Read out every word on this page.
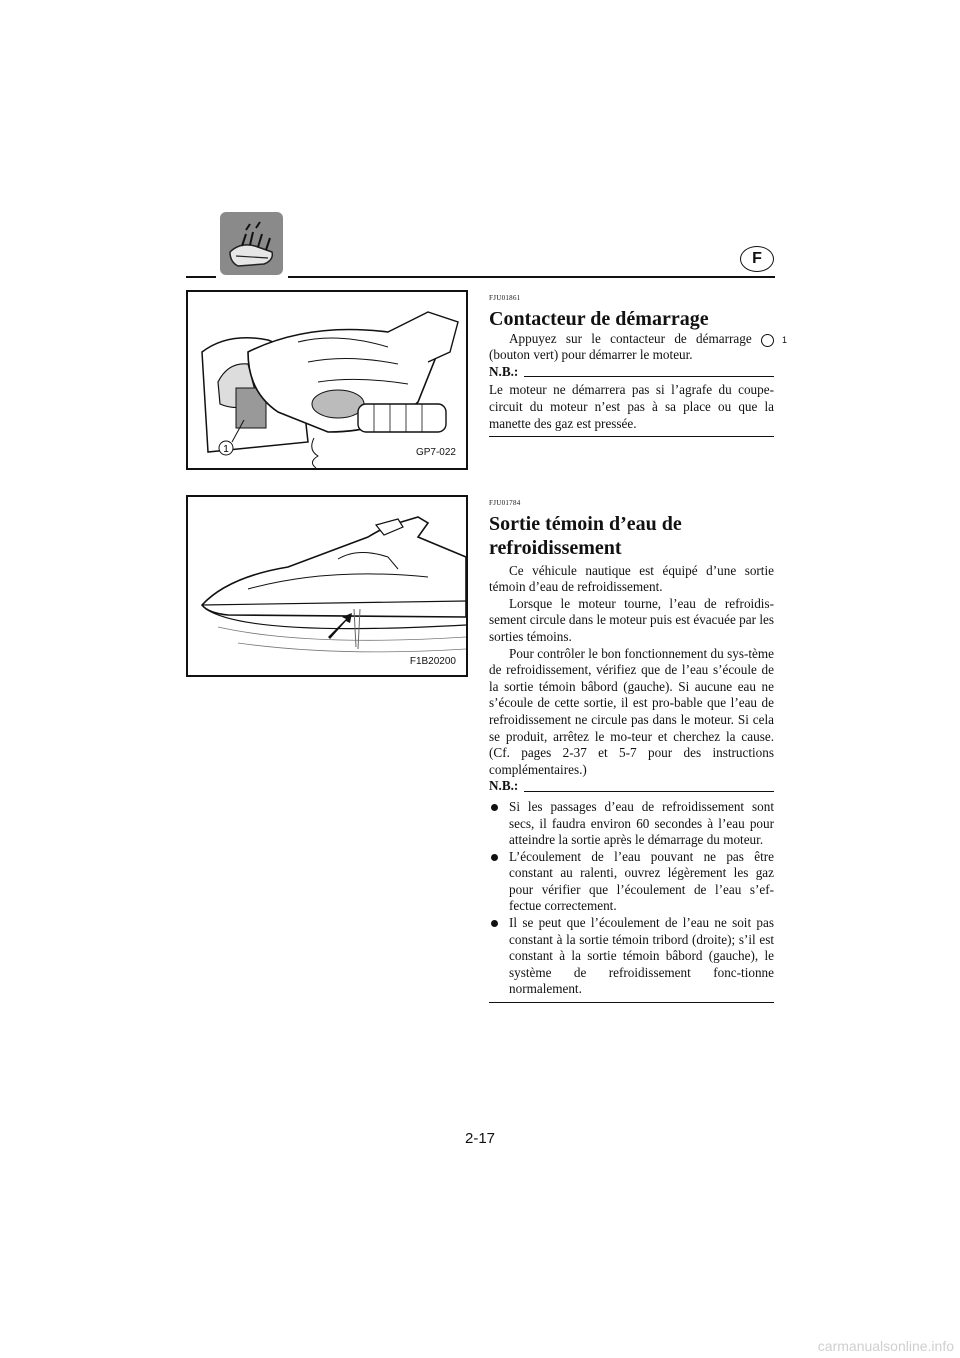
F
1	GP7-022
F1B20200
FJU01861
Contacteur de démarrage

Appuyez sur le contacteur de démarrage	1 (bouton vert) pour démarrer le moteur.

N.B.:

Le moteur ne démarrera pas si l’agrafe du coupe-circuit du moteur n’est pas à sa place ou que la manette des gaz est pressée.

FJU01784
Sortie témoin d’eau de
refroidissement

Ce véhicule nautique est équipé d’une sortie témoin d’eau de refroidissement.

Lorsque le moteur tourne, l’eau de refroidis-sement circule dans le moteur puis est évacuée par les sorties témoins.

Pour contrôler le bon fonctionnement du sys-tème de refroidissement, vérifiez que de l’eau s’écoule de la sortie témoin bâbord (gauche). Si aucune eau ne s’écoule de cette sortie, il est pro-bable que l’eau de refroidissement ne circule pas dans le moteur. Si cela se produit, arrêtez le mo-teur et cherchez la cause. (Cf. pages 2-37 et 5-7 pour des instructions complémentaires.)

N.B.:
Si les passages d’eau de refroidissement sont secs, il faudra environ 60 secondes à l’eau pour atteindre la sortie après le démarrage du moteur.
L’écoulement de l’eau pouvant ne pas être constant au ralenti, ouvrez légèrement les gaz pour vérifier que l’écoulement de l’eau s’ef-fectue correctement.
Il se peut que l’écoulement de l’eau ne soit pas constant à la sortie témoin tribord (droite); s’il est constant à la sortie témoin bâbord (gauche), le système de refroidissement fonc-tionne normalement.
2-17
carmanualsonline.info
